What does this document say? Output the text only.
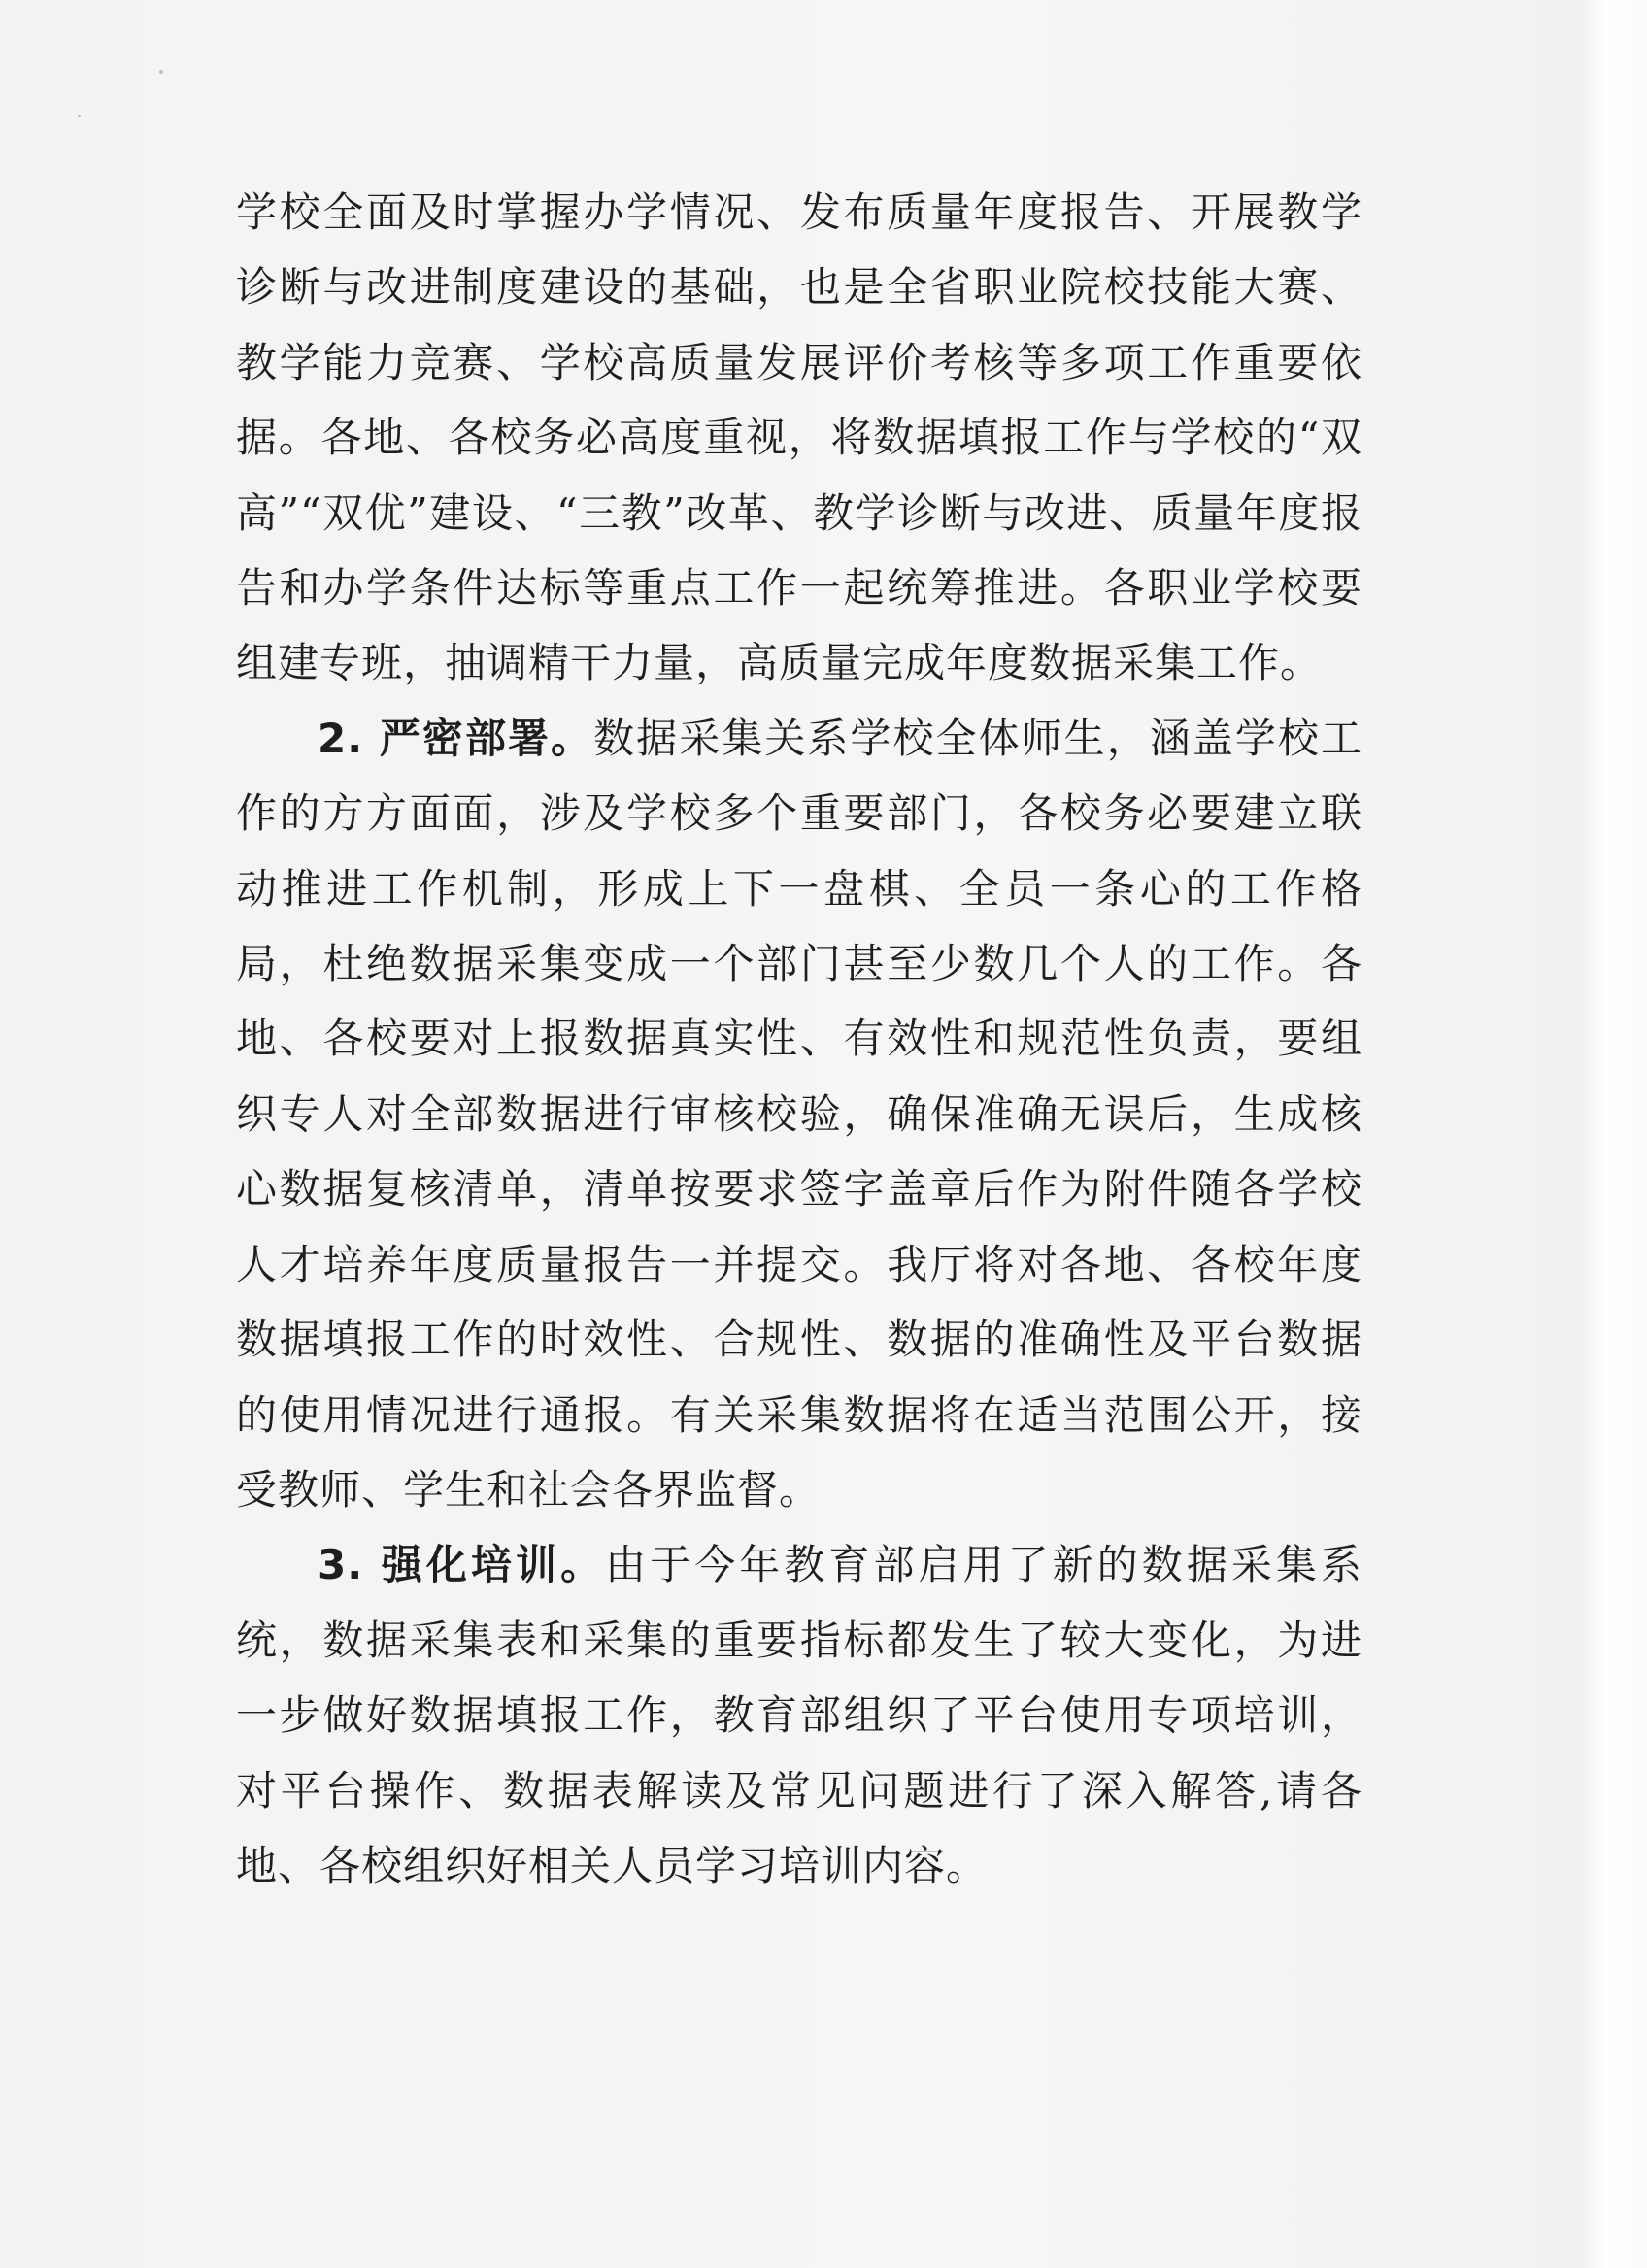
学校全面及时掌握办学情况、发布质量年度报告、开展教学诊断与改进制度建设的基础，也是全省职业院校技能大赛、教学能力竞赛、学校高质量发展评价考核等多项工作重要依据。各地、各校务必高度重视，将数据填报工作与学校的“双高”“双优”建设、“三教”改革、教学诊断与改进、质量年度报告和办学条件达标等重点工作一起统筹推进。各职业学校要组建专班，抽调精干力量，高质量完成年度数据采集工作。

2. 严密部署。数据采集关系学校全体师生，涵盖学校工作的方方面面，涉及学校多个重要部门，各校务必要建立联动推进工作机制，形成上下一盘棋、全员一条心的工作格局，杜绝数据采集变成一个部门甚至少数几个人的工作。各地、各校要对上报数据真实性、有效性和规范性负责，要组织专人对全部数据进行审核校验，确保准确无误后，生成核心数据复核清单，清单按要求签字盖章后作为附件随各学校人才培养年度质量报告一并提交。我厅将对各地、各校年度数据填报工作的时效性、合规性、数据的准确性及平台数据的使用情况进行通报。有关采集数据将在适当范围公开，接受教师、学生和社会各界监督。

3. 强化培训。由于今年教育部启用了新的数据采集系统，数据采集表和采集的重要指标都发生了较大变化，为进一步做好数据填报工作，教育部组织了平台使用专项培训，对平台操作、数据表解读及常见问题进行了深入解答,请各地、各校组织好相关人员学习培训内容。
